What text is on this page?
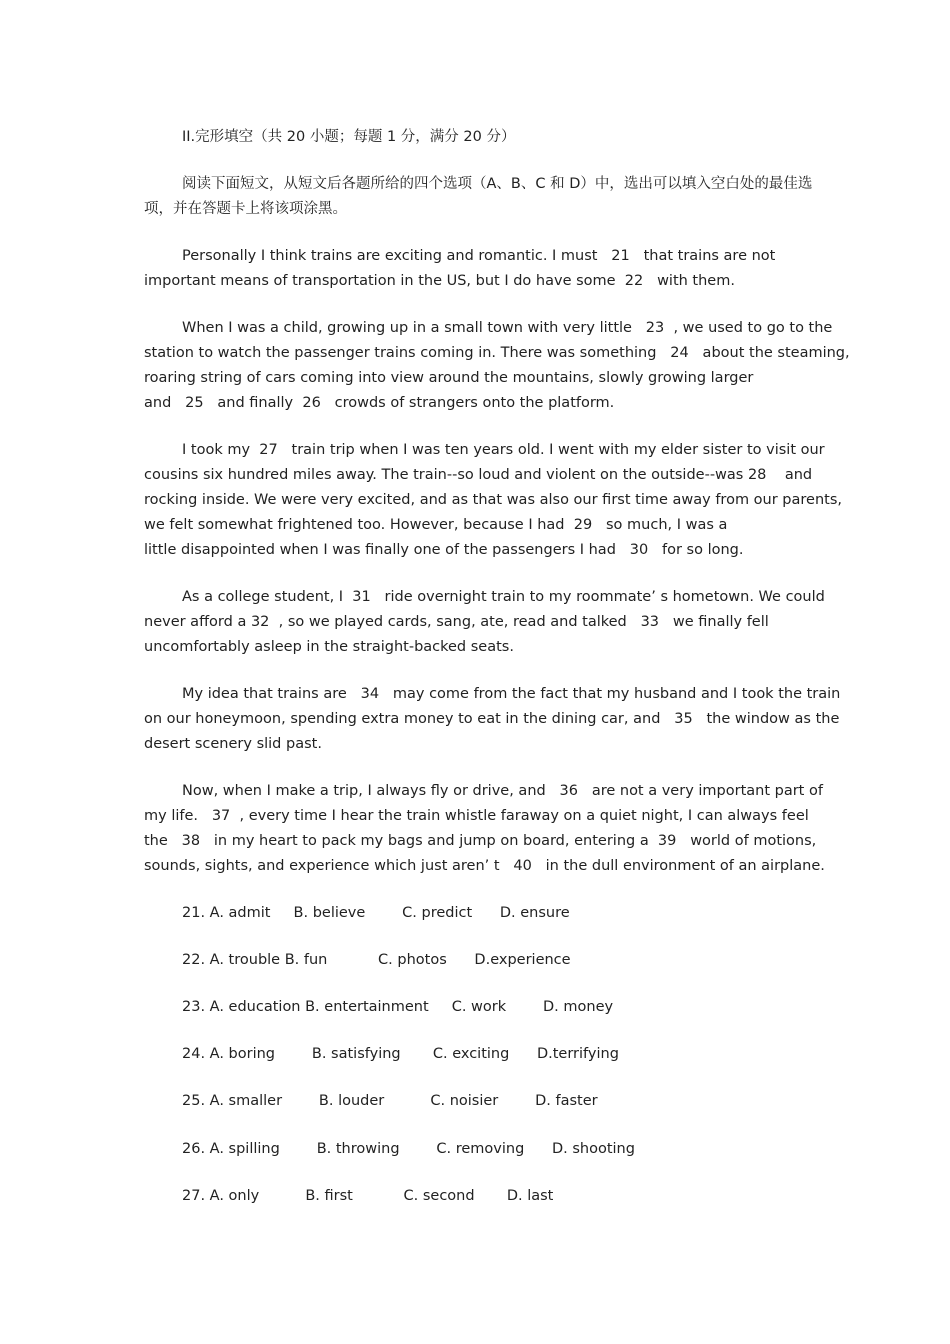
II.完形填空（共 20 小题；每题 1 分，满分 20 分）
阅读下面短文，从短文后各题所给的四个选项（A、B、C 和 D）中，选出可以填入空白处的最佳选
项，并在答题卡上将该项涂黑。
Personally I think trains are exciting and romantic. I must   21   that trains are not
important means of transportation in the US, but I do have some  22   with them.
When I was a child, growing up in a small town with very little   23  , we used to go to the
station to watch the passenger trains coming in. There was something   24   about the steaming,
roaring string of cars coming into view around the mountains, slowly growing larger
and   25   and finally  26   crowds of strangers onto the platform.
I took my  27   train trip when I was ten years old. I went with my elder sister to visit our
cousins six hundred miles away. The train--so loud and violent on the outside--was 28    and
rocking inside. We were very excited, and as that was also our first time away from our parents,
we felt somewhat frightened too. However, because I had  29   so much, I was a
little disappointed when I was finally one of the passengers I had   30   for so long.
As a college student, I  31   ride overnight train to my roommate’ s hometown. We could
never afford a 32  , so we played cards, sang, ate, read and talked   33   we finally fell
uncomfortably asleep in the straight-backed seats.
My idea that trains are   34   may come from the fact that my husband and I took the train
on our honeymoon, spending extra money to eat in the dining car, and   35   the window as the
desert scenery slid past.
Now, when I make a trip, I always fly or drive, and   36   are not a very important part of
my life.   37  , every time I hear the train whistle faraway on a quiet night, I can always feel
the   38   in my heart to pack my bags and jump on board, entering a  39   world of motions,
sounds, sights, and experience which just aren’ t   40   in the dull environment of an airplane.
21. A. admit     B. believe        C. predict      D. ensure
22. A. trouble B. fun           C. photos      D.experience
23. A. education B. entertainment     C. work        D. money
24. A. boring        B. satisfying       C. exciting      D.terrifying
25. A. smaller        B. louder          C. noisier        D. faster
26. A. spilling        B. throwing        C. removing      D. shooting
27. A. only          B. first           C. second       D. last
